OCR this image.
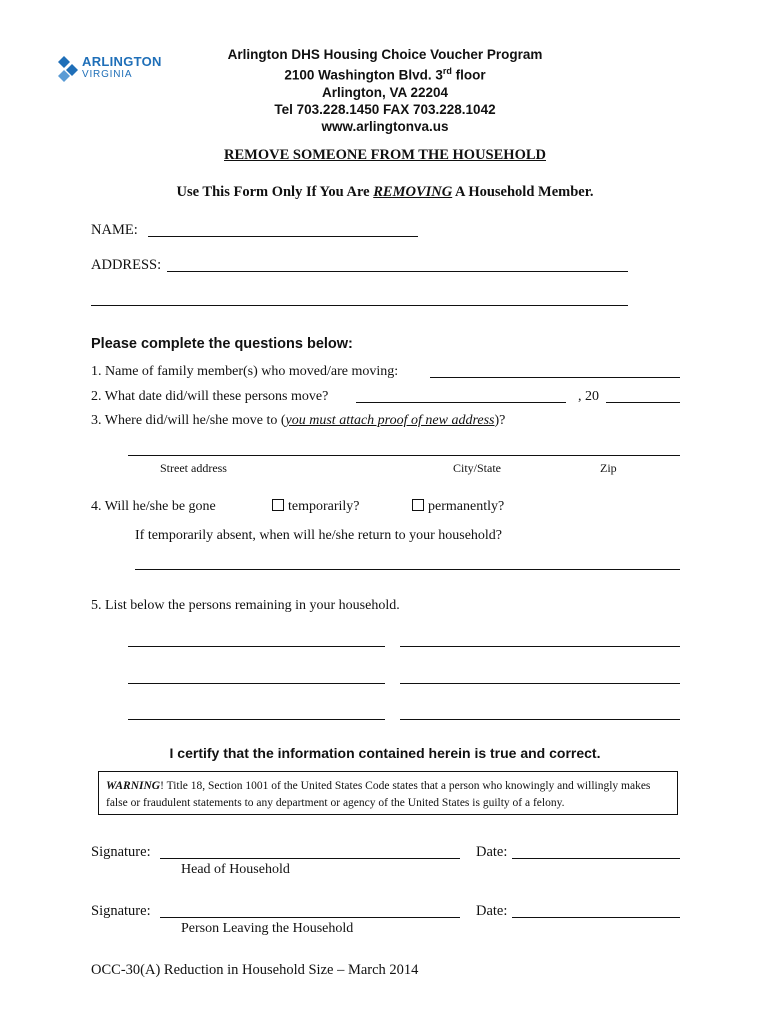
ARLINGTON
VIRGINIA
Arlington DHS Housing Choice Voucher Program
2100 Washington Blvd. 3rd floor
Arlington, VA 22204
Tel 703.228.1450 FAX 703.228.1042
www.arlingtonva.us
REMOVE SOMEONE FROM THE HOUSEHOLD
Use This Form Only If You Are REMOVING A Household Member.
NAME:
ADDRESS:
Please complete the questions below:
1. Name of family member(s) who moved/are moving:
2. What date did/will these persons move?	, 20
3. Where did/will he/she move to (you must attach proof of new address)?
Street address	City/State	Zip
4. Will he/she be gone	temporarily?	permanently?
If temporarily absent, when will he/she return to your household?
5. List below the persons remaining in your household.
I certify that the information contained herein is true and correct.
WARNING! Title 18, Section 1001 of the United States Code states that a person who knowingly and willingly makes false or fraudulent statements to any department or agency of the United States is guilty of a felony.
Signature:	Date:
Head of Household
Signature:	Date:
Person Leaving the Household
OCC-30(A) Reduction in Household Size – March 2014
